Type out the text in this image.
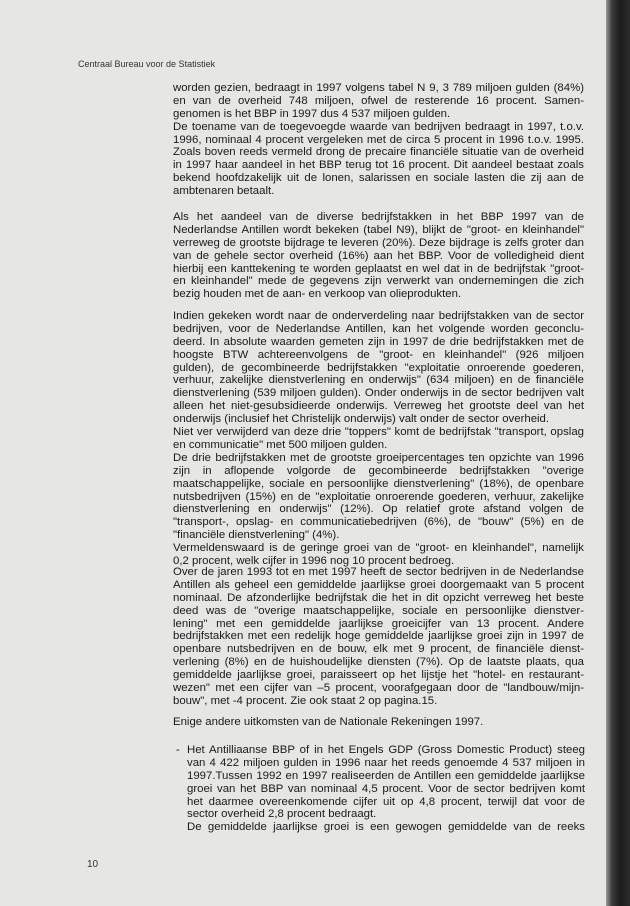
Centraal Bureau voor de Statistiek
worden gezien, bedraagt in 1997 volgens tabel N 9, 3 789 miljoen gulden (84%)
en van de overheid 748 miljoen, ofwel de resterende 16 procent. Samen-
genomen is het BBP in 1997 dus 4 537 miljoen gulden.
De toename van de toegevoegde waarde van bedrijven bedraagt in 1997, t.o.v.
1996, nominaal 4 procent vergeleken met de circa 5 procent in 1996 t.o.v. 1995.
Zoals boven reeds vermeld drong de precaire financiële situatie van de overheid
in 1997 haar aandeel in het BBP terug tot 16 procent. Dit aandeel bestaat zoals
bekend hoofdzakelijk uit de lonen, salarissen en sociale lasten die zij aan de
ambtenaren betaalt.
Als het aandeel van de diverse bedrijfstakken in het BBP 1997 van de
Nederlandse Antillen wordt bekeken (tabel N9), blijkt de "groot- en kleinhandel"
verreweg de grootste bijdrage te leveren (20%). Deze bijdrage is zelfs groter dan
van de gehele sector overheid (16%) aan het BBP. Voor de volledigheid dient
hierbij een kanttekening te worden geplaatst en wel dat in de bedrijfstak "groot-
en kleinhandel" mede de gegevens zijn verwerkt van ondernemingen die zich
bezig houden met de aan- en verkoop van olieprodukten.
Indien gekeken wordt naar de onderverdeling naar bedrijfstakken van de sector
bedrijven, voor de Nederlandse Antillen, kan het volgende worden geconclu-
deerd. In absolute waarden gemeten zijn in 1997 de drie bedrijfstakken met de
hoogste BTW achtereenvolgens de "groot- en kleinhandel" (926 miljoen
gulden), de gecombineerde bedrijfstakken "exploitatie onroerende goederen,
verhuur, zakelijke dienstverlening en onderwijs" (634 miljoen) en de financiële
dienstverlening (539 miljoen gulden). Onder onderwijs in de sector bedrijven valt
alleen het niet-gesubsidieerde onderwijs. Verreweg het grootste deel van het
onderwijs (inclusief het Christelijk onderwijs) valt onder de sector overheid.
Niet ver verwijderd van deze drie "toppers" komt de bedrijfstak "transport, opslag
en communicatie" met 500 miljoen gulden.
De drie bedrijfstakken met de grootste groeipercentages ten opzichte van 1996
zijn in aflopende volgorde de gecombineerde bedrijfstakken "overige
maatschappelijke, sociale en persoonlijke dienstverlening" (18%), de openbare
nutsbedrijven (15%) en de "exploitatie onroerende goederen, verhuur, zakelijke
dienstverlening en onderwijs" (12%). Op relatief grote afstand volgen de
"transport-, opslag- en communicatiebedrijven (6%), de "bouw" (5%) en de
"financiële dienstverlening" (4%).
Vermeldenswaard is de geringe groei van de "groot- en kleinhandel", namelijk
0,2 procent, welk cijfer in 1996 nog 10 procent bedroeg.
Over de jaren 1993 tot en met 1997 heeft de sector bedrijven in de Nederlandse
Antillen als geheel een gemiddelde jaarlijkse groei doorgemaakt van 5 procent
nominaal. De afzonderlijke bedrijfstak die het in dit opzicht verreweg het beste
deed was de "overige maatschappelijke, sociale en persoonlijke dienstver-
lening" met een gemiddelde jaarlijkse groeicijfer van 13 procent. Andere
bedrijfstakken met een redelijk hoge gemiddelde jaarlijkse groei zijn in 1997 de
openbare nutsbedrijven en de bouw, elk met 9 procent, de financiële dienst-
verlening (8%) en de huishoudelijke diensten (7%). Op de laatste plaats, qua
gemiddelde jaarlijkse groei, paraisseert op het lijstje het "hotel- en restaurant-
wezen" met een cijfer van –5 procent, voorafgegaan door de "landbouw/mijn-
bouw", met -4 procent. Zie ook staat 2 op pagina.15.
Enige andere uitkomsten van de Nationale Rekeningen 1997.
- Het Antilliaanse BBP of in het Engels GDP (Gross Domestic Product) steeg
van 4 422 miljoen gulden in 1996 naar het reeds genoemde 4 537 miljoen in
1997.Tussen 1992 en 1997 realiseerden de Antillen een gemiddelde jaarlijkse
groei van het BBP van nominaal 4,5 procent. Voor de sector bedrijven komt
het daarmee overeenkomende cijfer uit op 4,8 procent, terwijl dat voor de
sector overheid 2,8 procent bedraagt.
De gemiddelde jaarlijkse groei is een gewogen gemiddelde van de reeks
10
